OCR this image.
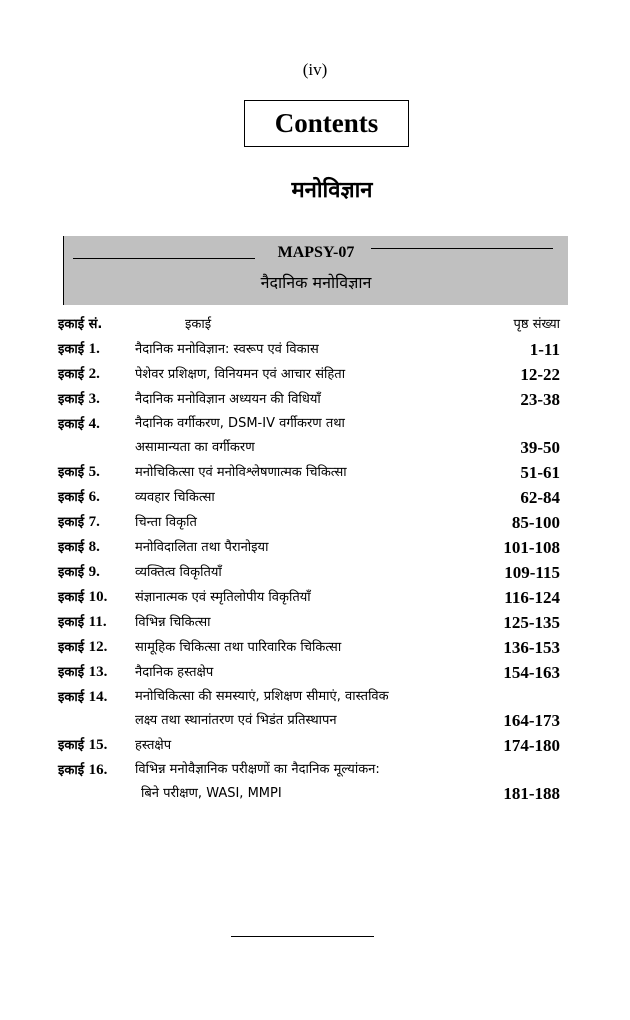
(iv)
Contents
मनोविज्ञान
MAPSY-07
नैदानिक मनोविज्ञान
इकाई सं.	इकाई	पृष्ठ संख्या
इकाई 1.	नैदानिक मनोविज्ञान: स्वरूप एवं विकास	1-11
इकाई 2.	पेशेवर प्रशिक्षण, विनियमन एवं आचार संहिता	12-22
इकाई 3.	नैदानिक मनोविज्ञान अध्ययन की विधियाँ	23-38
इकाई 4.	नैदानिक वर्गीकरण, DSM-IV वर्गीकरण तथा
असामान्यता का वर्गीकरण	39-50
इकाई 5.	मनोचिकित्सा एवं मनोविश्लेषणात्मक चिकित्सा	51-61
इकाई 6.	व्यवहार चिकित्सा	62-84
इकाई 7.	चिन्ता विकृति	85-100
इकाई 8.	मनोविदालिता तथा पैरानोइया	101-108
इकाई 9.	व्यक्तित्व विकृतियाँ	109-115
इकाई 10.	संज्ञानात्मक एवं स्मृतिलोपीय विकृतियाँ	116-124
इकाई 11.	विभिन्न चिकित्सा	125-135
इकाई 12.	सामूहिक चिकित्सा तथा पारिवारिक चिकित्सा	136-153
इकाई 13.	नैदानिक हस्तक्षेप	154-163
इकाई 14.	मनोचिकित्सा की समस्याएं, प्रशिक्षण सीमाएं, वास्तविक
लक्ष्य तथा स्थानांतरण एवं भिडंत प्रतिस्थापन	164-173
इकाई 15.	हस्तक्षेप	174-180
इकाई 16.	विभिन्न मनोवैज्ञानिक परीक्षणों का नैदानिक मूल्यांकन:
बिने परीक्षण, WASI, MMPI	181-188
